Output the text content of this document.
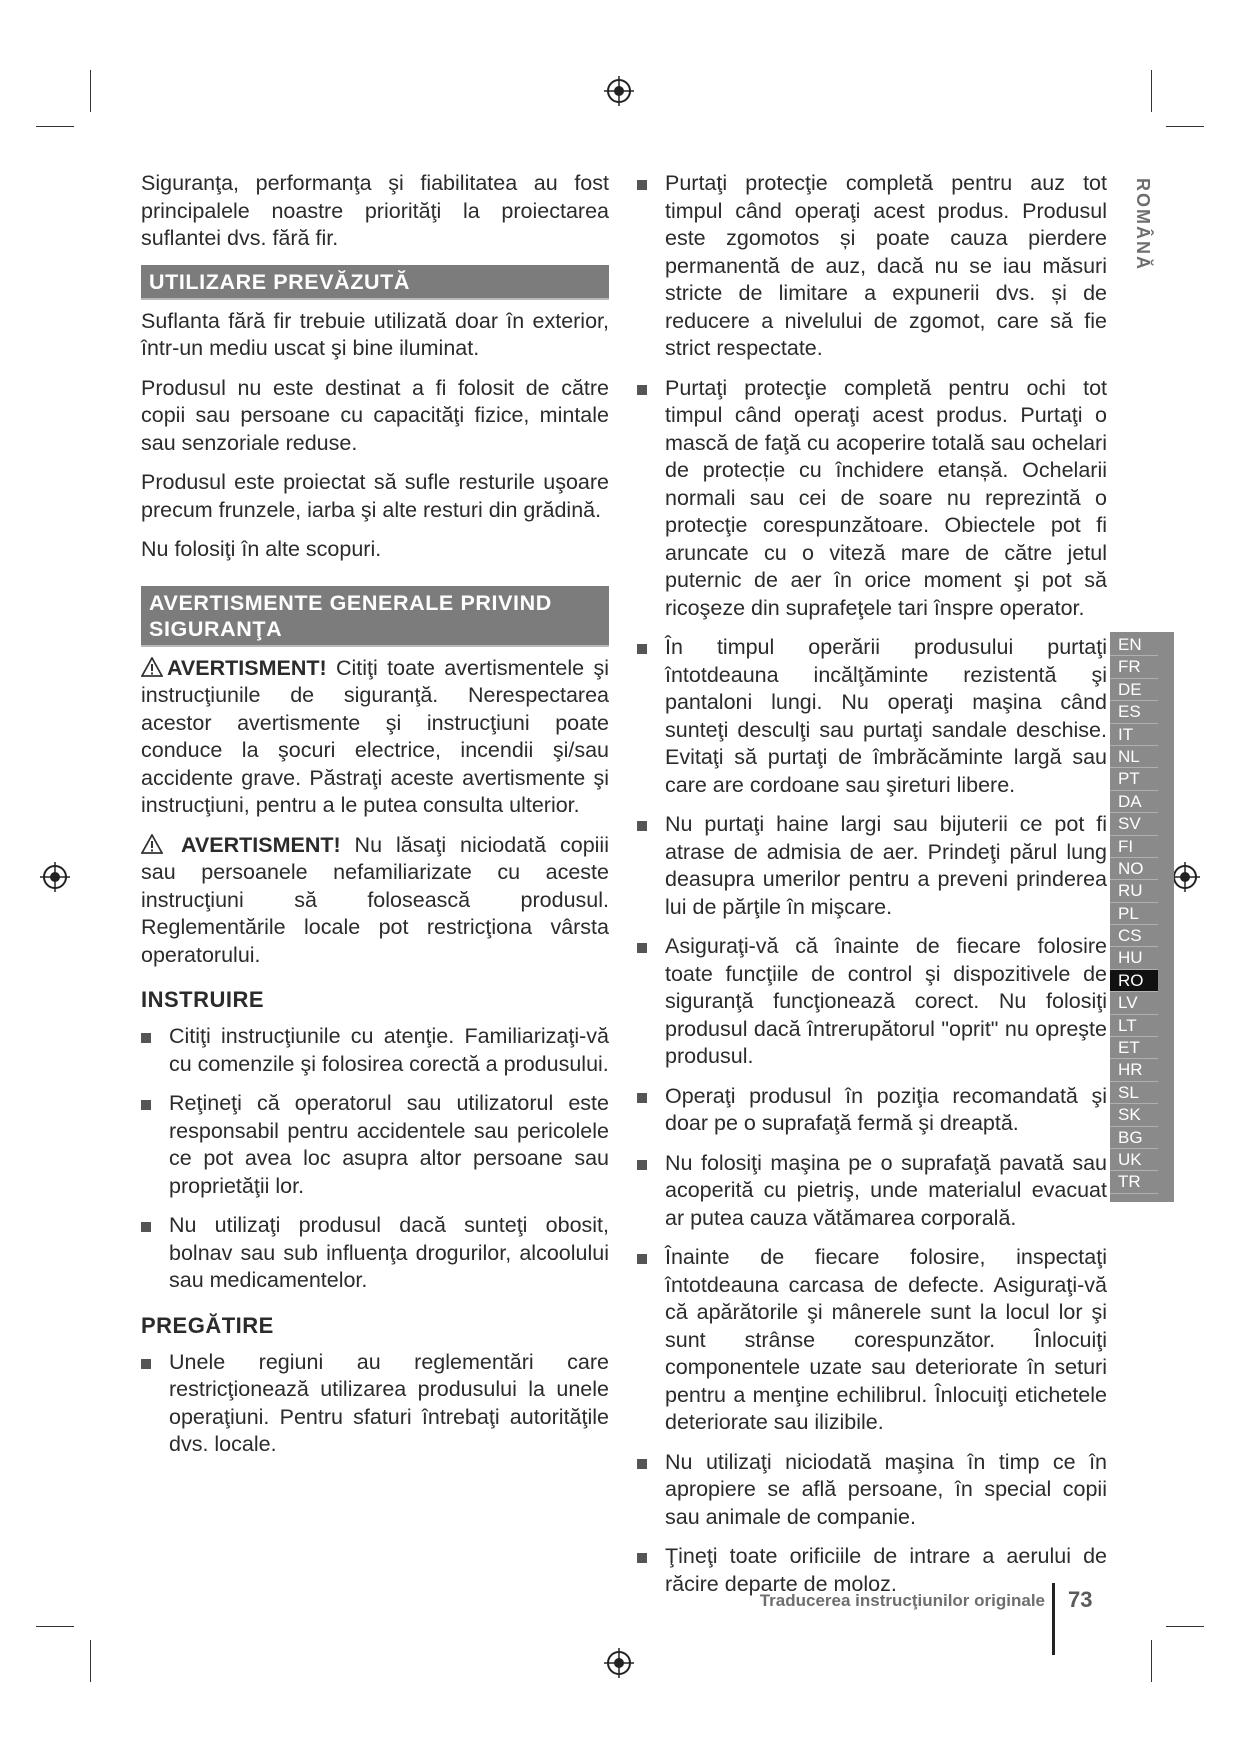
ROMÂNĂ
EN
FR
DE
ES
IT
NL
PT
DA
SV
FI
NO
RU
PL
CS
HU
RO
LV
LT
ET
HR
SL
SK
BG
UK
TR

Siguranţa, performanţa şi fiabilitatea au fost principalele noastre priorităţi la proiectarea suflantei dvs. fără fir.

UTILIZARE PREVĂZUTĂ

Suflanta fără fir trebuie utilizată doar în exterior, într-un mediu uscat şi bine iluminat.

Produsul nu este destinat a fi folosit de către copii sau persoane cu capacităţi fizice, mintale sau senzoriale reduse.

Produsul este proiectat să sufle resturile uşoare precum frunzele, iarba şi alte resturi din grădină.

Nu folosiţi în alte scopuri.

AVERTISMENTE GENERALE PRIVIND
SIGURANŢA

AVERTISMENT! Citiţi toate avertismentele şi instrucţiunile de siguranţă. Nerespectarea acestor avertismente şi instrucţiuni poate conduce la şocuri electrice, incendii şi/sau accidente grave. Păstraţi aceste avertismente şi instrucţiuni, pentru a le putea consulta ulterior.

AVERTISMENT! Nu lăsaţi niciodată copiii sau persoanele nefamiliarizate cu aceste instrucţiuni să folosească produsul. Reglementările locale pot restricţiona vârsta operatorului.

INSTRUIRE
Citiţi instrucţiunile cu atenţie. Familiarizaţi-vă cu comenzile şi folosirea corectă a produsului.
Reţineţi că operatorul sau utilizatorul este responsabil pentru accidentele sau pericolele ce pot avea loc asupra altor persoane sau proprietăţii lor.
Nu utilizaţi produsul dacă sunteţi obosit, bolnav sau sub influenţa drogurilor, alcoolului sau medicamentelor.
PREGĂTIRE
Unele regiuni au reglementări care restricţionează utilizarea produsului la unele operaţiuni. Pentru sfaturi întrebaţi autorităţile dvs. locale.
Purtaţi protecţie completă pentru auz tot timpul când operaţi acest produs. Produsul este zgomotos și poate cauza pierdere permanentă de auz, dacă nu se iau măsuri stricte de limitare a expunerii dvs. și de reducere a nivelului de zgomot, care să fie strict respectate.
Purtaţi protecţie completă pentru ochi tot timpul când operaţi acest produs. Purtaţi o mască de faţă cu acoperire totală sau ochelari de protecție cu închidere etanșă. Ochelarii normali sau cei de soare nu reprezintă o protecţie corespunzătoare. Obiectele pot fi aruncate cu o viteză mare de către jetul puternic de aer în orice moment şi pot să ricoşeze din suprafeţele tari înspre operator.
În timpul operării produsului purtaţi întotdeauna incălţăminte rezistentă şi pantaloni lungi. Nu operaţi maşina când sunteţi desculţi sau purtaţi sandale deschise. Evitaţi să purtaţi de îmbrăcăminte largă sau care are cordoane sau şireturi libere.
Nu purtaţi haine largi sau bijuterii ce pot fi atrase de admisia de aer. Prindeţi părul lung deasupra umerilor pentru a preveni prinderea lui de părţile în mişcare.
Asiguraţi-vă că înainte de fiecare folosire toate funcţiile de control şi dispozitivele de siguranţă funcţionează corect. Nu folosiţi produsul dacă întrerupătorul "oprit" nu opreşte produsul.
Operaţi produsul în poziţia recomandată şi doar pe o suprafaţă fermă şi dreaptă.
Nu folosiţi maşina pe o suprafaţă pavată sau acoperită cu pietriş, unde materialul evacuat ar putea cauza vătămarea corporală.
Înainte de fiecare folosire, inspectaţi întotdeauna carcasa de defecte. Asiguraţi-vă că apărătorile şi mânerele sunt la locul lor şi sunt strânse corespunzător. Înlocuiţi componentele uzate sau deteriorate în seturi pentru a menţine echilibrul. Înlocuiţi etichetele deteriorate sau ilizibile.
Nu utilizaţi niciodată maşina în timp ce în apropiere se află persoane, în special copii sau animale de companie.
Ţineţi toate orificiile de intrare a aerului de răcire departe de moloz.
Traducerea instrucţiunilor originale 73
